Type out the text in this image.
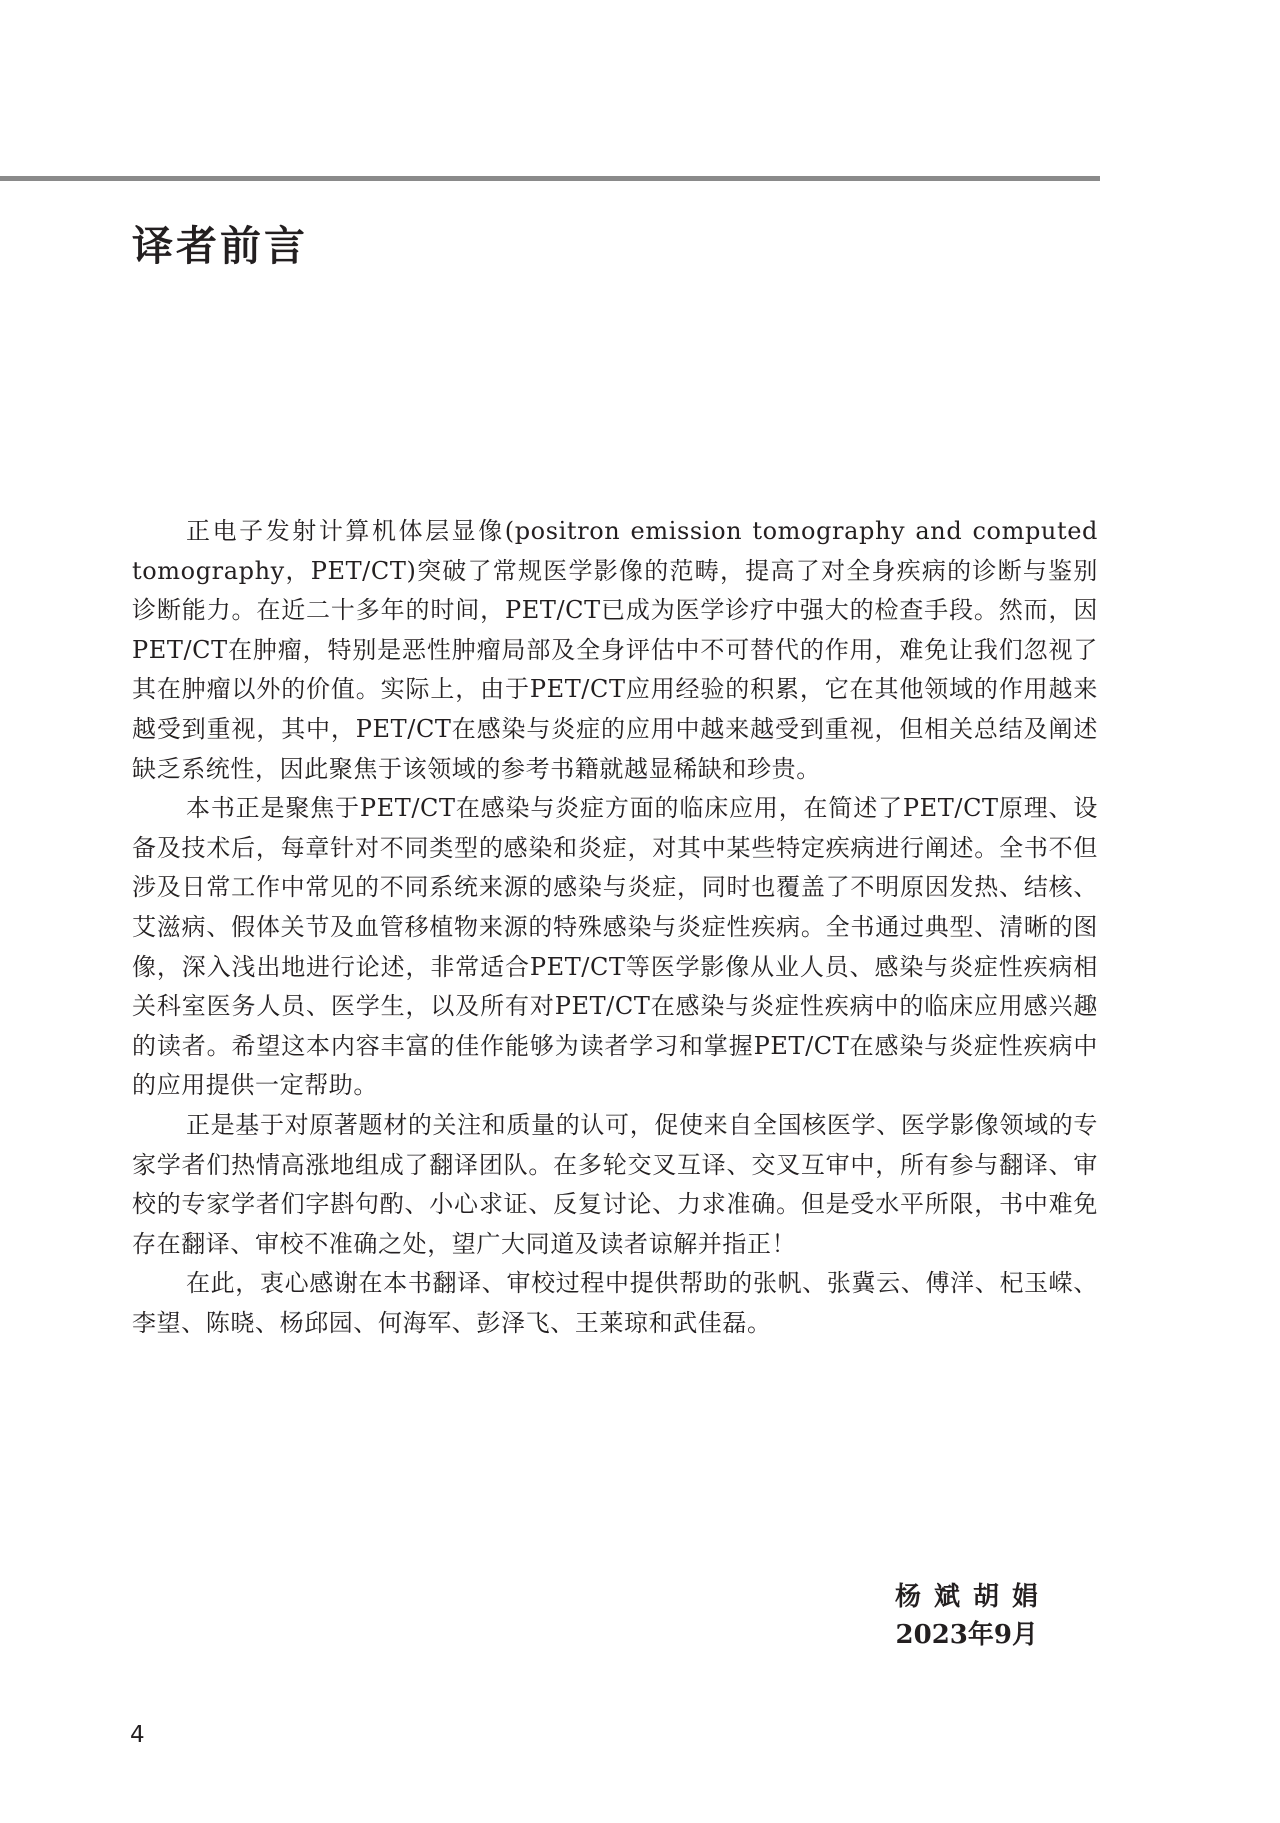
译者前言

正电子发射计算机体层显像(positron emission tomography and computed tomography，PET/CT)突破了常规医学影像的范畴，提高了对全身疾病的诊断与鉴别诊断能力。在近二十多年的时间，PET/CT已成为医学诊疗中强大的检查手段。然而，因PET/CT在肿瘤，特别是恶性肿瘤局部及全身评估中不可替代的作用，难免让我们忽视了其在肿瘤以外的价值。实际上，由于PET/CT应用经验的积累，它在其他领域的作用越来越受到重视，其中，PET/CT在感染与炎症的应用中越来越受到重视，但相关总结及阐述缺乏系统性，因此聚焦于该领域的参考书籍就越显稀缺和珍贵。

本书正是聚焦于PET/CT在感染与炎症方面的临床应用，在简述了PET/CT原理、设备及技术后，每章针对不同类型的感染和炎症，对其中某些特定疾病进行阐述。全书不但涉及日常工作中常见的不同系统来源的感染与炎症，同时也覆盖了不明原因发热、结核、艾滋病、假体关节及血管移植物来源的特殊感染与炎症性疾病。全书通过典型、清晰的图像，深入浅出地进行论述，非常适合PET/CT等医学影像从业人员、感染与炎症性疾病相关科室医务人员、医学生，以及所有对PET/CT在感染与炎症性疾病中的临床应用感兴趣的读者。希望这本内容丰富的佳作能够为读者学习和掌握PET/CT在感染与炎症性疾病中的应用提供一定帮助。

正是基于对原著题材的关注和质量的认可，促使来自全国核医学、医学影像领域的专家学者们热情高涨地组成了翻译团队。在多轮交叉互译、交叉互审中，所有参与翻译、审校的专家学者们字斟句酌、小心求证、反复讨论、力求准确。但是受水平所限，书中难免存在翻译、审校不准确之处，望广大同道及读者谅解并指正！

在此，衷心感谢在本书翻译、审校过程中提供帮助的张帆、张冀云、傅洋、杞玉嵘、李望、陈晓、杨邱园、何海军、彭泽飞、王莱琼和武佳磊。

杨斌胡娟
2023年9月
4
